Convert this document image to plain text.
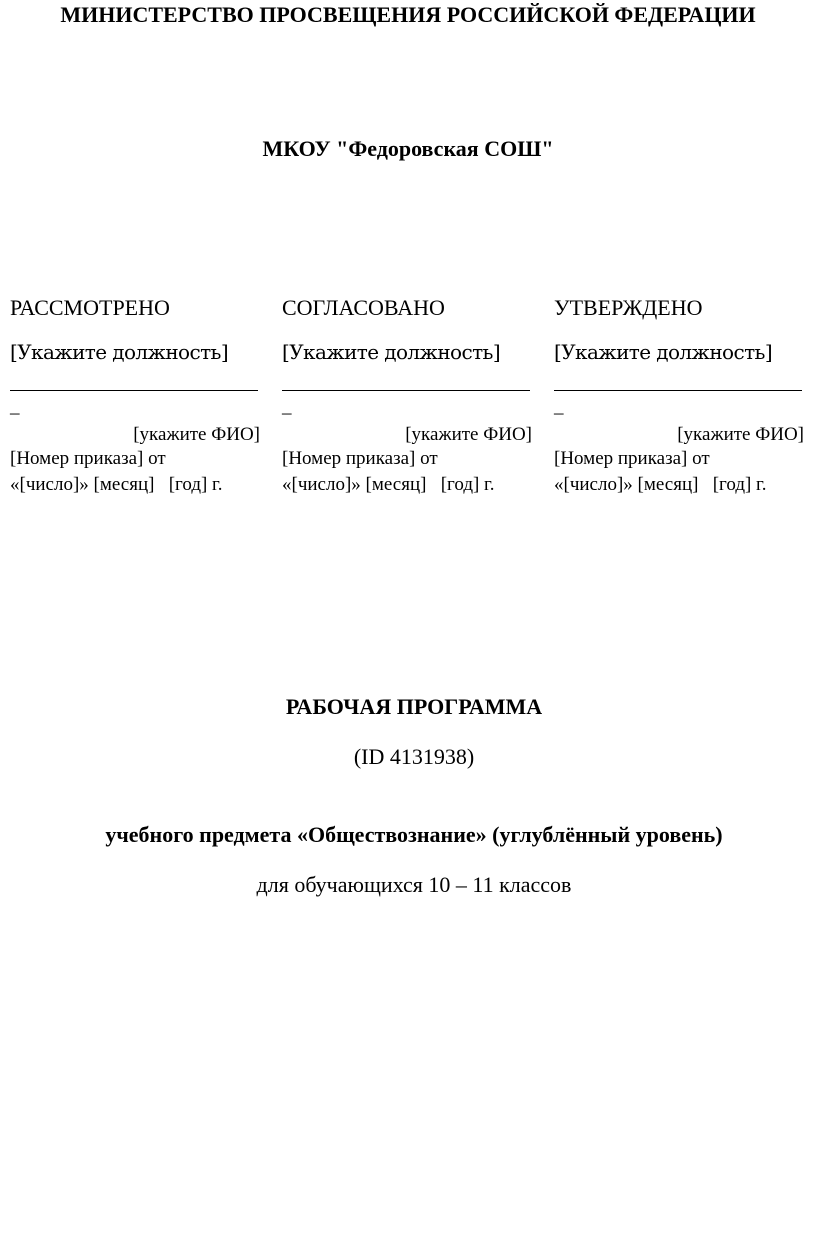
МИНИСТЕРСТВО ПРОСВЕЩЕНИЯ РОССИЙСКОЙ ФЕДЕРАЦИИ
МКОУ "Федоровская СОШ"
РАССМОТРЕНО
[Укажите должность]
_
[укажите ФИО]
[Номер приказа] от
«[число]» [месяц]   [год] г.
СОГЛАСОВАНО
[Укажите должность]
_
[укажите ФИО]
[Номер приказа] от
«[число]» [месяц]   [год] г.
УТВЕРЖДЕНО
[Укажите должность]
_
[укажите ФИО]
[Номер приказа] от
«[число]» [месяц]   [год] г.
РАБОЧАЯ ПРОГРАММА
(ID 4131938)
учебного предмета «Обществознание» (углублённый уровень)
для обучающихся 10 – 11 классов
